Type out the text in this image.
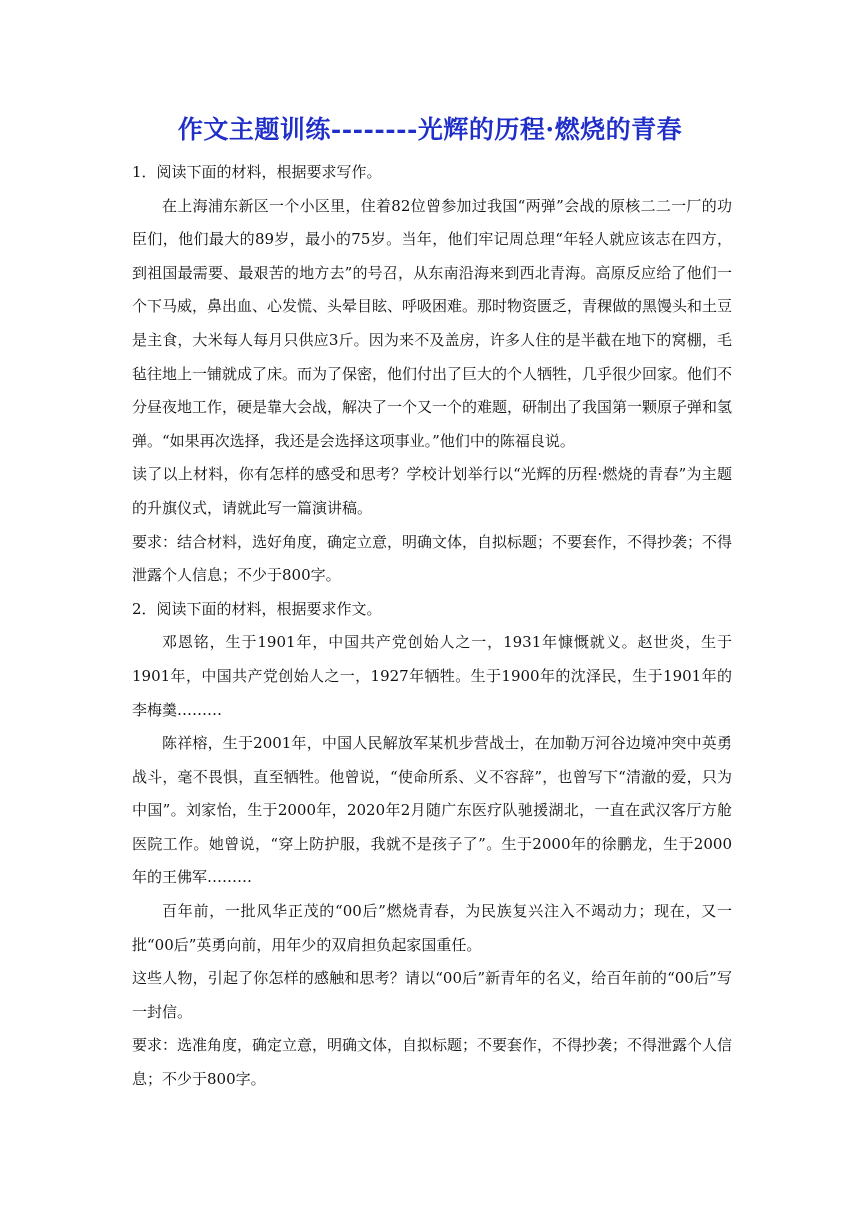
作文主题训练--------光辉的历程·燃烧的青春

1．阅读下面的材料，根据要求写作。

在上海浦东新区一个小区里，住着82位曾参加过我国“两弹”会战的原核二二一厂的功臣们，他们最大的89岁，最小的75岁。当年，他们牢记周总理“年轻人就应该志在四方，到祖国最需要、最艰苦的地方去”的号召，从东南沿海来到西北青海。高原反应给了他们一个下马威，鼻出血、心发慌、头晕目眩、呼吸困难。那时物资匮乏，青稞做的黑馒头和土豆是主食，大米每人每月只供应3斤。因为来不及盖房，许多人住的是半截在地下的窝棚，毛毡往地上一铺就成了床。而为了保密，他们付出了巨大的个人牺牲，几乎很少回家。他们不分昼夜地工作，硬是靠大会战，解决了一个又一个的难题，研制出了我国第一颗原子弹和氢弹。“如果再次选择，我还是会选择这项事业。”他们中的陈福良说。

读了以上材料，你有怎样的感受和思考？学校计划举行以“光辉的历程·燃烧的青春”为主题的升旗仪式，请就此写一篇演讲稿。

要求：结合材料，选好角度，确定立意，明确文体，自拟标题；不要套作，不得抄袭；不得泄露个人信息；不少于800字。

2．阅读下面的材料，根据要求作文。

邓恩铭，生于1901年，中国共产党创始人之一，1931年慷慨就义。赵世炎，生于1901年，中国共产党创始人之一，1927年牺牲。生于1900年的沈泽民，生于1901年的李梅羹………

陈祥榕，生于2001年，中国人民解放军某机步营战士，在加勒万河谷边境冲突中英勇战斗，毫不畏惧，直至牺牲。他曾说，“使命所系、义不容辞”，也曾写下“清澈的爱，只为中国”。刘家怡，生于2000年，2020年2月随广东医疗队驰援湖北，一直在武汉客厅方舱医院工作。她曾说，“穿上防护服，我就不是孩子了”。生于2000年的徐鹏龙，生于2000年的王佛军………

百年前，一批风华正茂的“00后”燃烧青春，为民族复兴注入不竭动力；现在，又一批“00后”英勇向前，用年少的双肩担负起家国重任。

这些人物，引起了你怎样的感触和思考？请以“00后”新青年的名义，给百年前的“00后”写一封信。

要求：选准角度，确定立意，明确文体，自拟标题；不要套作，不得抄袭；不得泄露个人信息；不少于800字。
